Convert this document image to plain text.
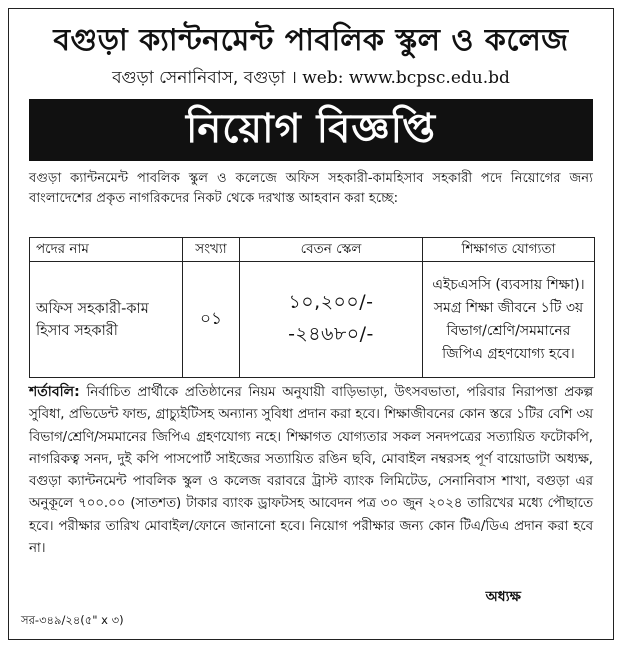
বগুড়া ক্যান্টনমেন্ট পাবলিক স্কুল ও কলেজ
বগুড়া সেনানিবাস, বগুড়া । web: www.bcpsc.edu.bd
নিয়োগ বিজ্ঞপ্তি
বগুড়া ক্যান্টনমেন্ট পাবলিক স্কুল ও কলেজে অফিস সহকারী-কামহিসাব সহকারী পদে নিয়োগের জন্য বাংলাদেশের প্রকৃত নাগরিকদের নিকট থেকে দরখাস্ত আহবান করা হচ্ছে:
পদের নাম	সংখ্যা	বেতন স্কেল	শিক্ষাগত যোগ্যতা
অফিস সহকারী-কাম হিসাব সহকারী	০১	১০,২০০/--২৪৬৮০/-	এইচএসসি (ব্যবসায় শিক্ষা)। সমগ্র শিক্ষা জীবনে ১টি ৩য় বিভাগ/শ্রেণি/সমমানের জিপিএ গ্রহণযোগ্য হবে।
শর্তাবলি: নির্বাচিত প্রার্থীকে প্রতিষ্ঠানের নিয়ম অনুযায়ী বাড়িভাড়া, উৎসবভাতা, পরিবার নিরাপত্তা প্রকল্প সুবিধা, প্রভিডেন্ট ফান্ড, গ্রাচ্যুইটিসহ অন্যান্য সুবিধা প্রদান করা হবে। শিক্ষাজীবনের কোন স্তরে ১টির বেশি ৩য় বিভাগ/শ্রেণি/সমমানের জিপিএ গ্রহণযোগ্য নহে। শিক্ষাগত যোগ্যতার সকল সনদপত্রের সত্যায়িত ফটোকপি, নাগরিকত্ব সনদ, দুই কপি পাসপোর্ট সাইজের সত্যায়িত রঙিন ছবি, মোবাইল নম্বরসহ পূর্ণ বায়োডাটা অধ্যক্ষ, বগুড়া ক্যান্টনমেন্ট পাবলিক স্কুল ও কলেজ বরাবরে ট্রাস্ট ব্যাংক লিমিটেড, সেনানিবাস শাখা, বগুড়া এর অনুকূলে ৭০০.০০ (সাতশত) টাকার ব্যাংক ড্রাফটসহ আবেদন পত্র ৩০ জুন ২০২৪ তারিখের মধ্যে পৌছাতে হবে। পরীক্ষার তারিখ মোবাইল/ফোনে জানানো হবে। নিয়োগ পরীক্ষার জন্য কোন টিএ/ডিএ প্রদান করা হবে না।
অধ্যক্ষ
সর-৩৪৯/২৪(৫" x ৩)
